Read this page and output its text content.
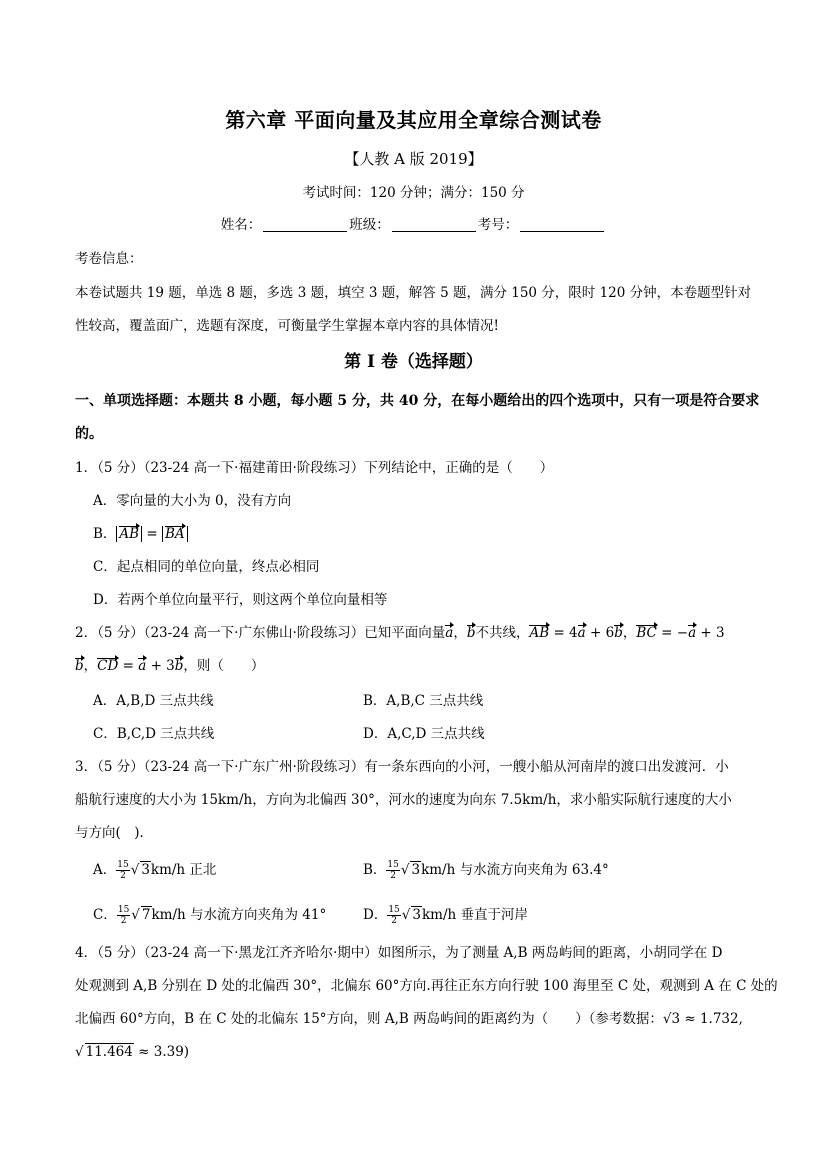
第六章 平面向量及其应用全章综合测试卷
【人教 A 版 2019】
考试时间：120 分钟；满分：150 分
姓名：	班级：	考号：
考卷信息：
本卷试题共 19 题，单选 8 题，多选 3 题，填空 3 题，解答 5 题，满分 150 分，限时 120 分钟，本卷题型针对性较高，覆盖面广，选题有深度，可衡量学生掌握本章内容的具体情况!
第 I 卷（选择题）
一、单项选择题：本题共 8 小题，每小题 5 分，共 40 分，在每小题给出的四个选项中，只有一项是符合要求的。
1．（5 分）（23-24 高一下·福建莆田·阶段练习）下列结论中，正确的是（　　）
A．零向量的大小为 0，没有方向
B． AB = BA
C．起点相同的单位向量，终点必相同
D．若两个单位向量平行，则这两个单位向量相等
2．（5 分）（23-24 高一下·广东佛山·阶段练习）已知平面向量a，b不共线，AB = 4a + 6b，BC = −a + 3
b，CD = a + 3b，则（　　）
A．A,B,D 三点共线	B．A,B,C 三点共线
C．B,C,D 三点共线	D．A,C,D 三点共线
3．（5 分）（23-24 高一下·广东广州·阶段练习）有一条东西向的小河，一艘小船从河南岸的渡口出发渡河．小
船航行速度的大小为 15km/h，方向为北偏西 30°，河水的速度为向东 7.5km/h，求小船实际航行速度的大小
与方向(　)．
A． $\frac{15}{2}$ √ 3km/h 正北	B． $\frac{15}{2}$ √ 3km/h 与水流方向夹角为 63.4°
C． $\frac{15}{2}$ √ 7km/h 与水流方向夹角为 41°	D． $\frac{15}{2}$ √ 3km/h 垂直于河岸
4．（5 分）（23-24 高一下·黑龙江齐齐哈尔·期中）如图所示，为了测量 A,B 两岛屿间的距离，小胡同学在 D
处观测到 A,B 分别在 D 处的北偏西 30°，北偏东 60°方向.再往正东方向行驶 100 海里至 C 处，观测到 A 在 C 处的
北偏西 60°方向，B 在 C 处的北偏东 15°方向，则 A,B 两岛屿间的距离约为（　　）（参考数据：√3 ≈ 1.732,
√ 11.464 ≈ 3.39)
